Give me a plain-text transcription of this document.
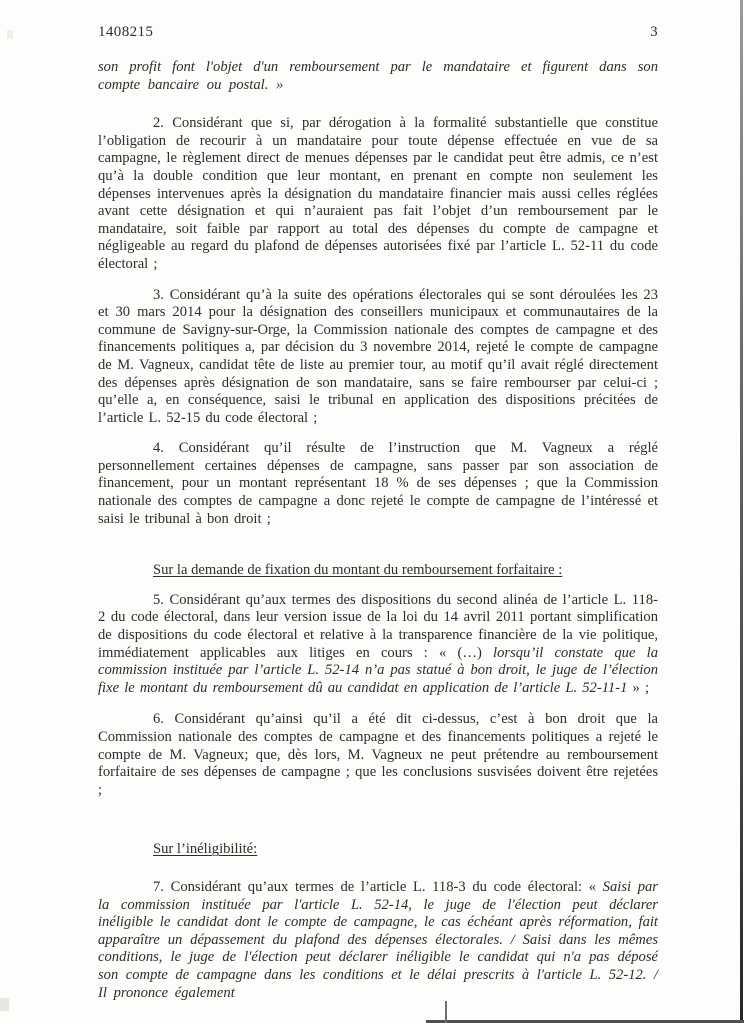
1408215	3

son profit font l'objet d'un remboursement par le mandataire et figurent dans son compte bancaire ou postal. »

2. Considérant que si, par dérogation à la formalité substantielle que constitue l’obligation de recourir à un mandataire pour toute dépense effectuée en vue de sa campagne, le règlement direct de menues dépenses par le candidat peut être admis, ce n’est qu’à la double condition que leur montant, en prenant en compte non seulement les dépenses intervenues après la désignation du mandataire financier mais aussi celles réglées avant cette désignation et qui n’auraient pas fait l’objet d’un remboursement par le mandataire, soit faible par rapport au total des dépenses du compte de campagne et négligeable au regard du plafond de dépenses autorisées fixé par l’article L. 52-11 du code électoral ;

3. Considérant qu’à la suite des opérations électorales qui se sont déroulées les 23 et 30 mars 2014 pour la désignation des conseillers municipaux et communautaires de la commune de Savigny-sur-Orge, la Commission nationale des comptes de campagne et des financements politiques a, par décision du 3 novembre 2014, rejeté le compte de campagne de M. Vagneux, candidat tête de liste au premier tour, au motif qu’il avait réglé directement des dépenses après désignation de son mandataire, sans se faire rembourser par celui-ci ; qu’elle a, en conséquence, saisi le tribunal en application des dispositions précitées de l’article L. 52-15 du code électoral ;

4. Considérant qu’il résulte de l’instruction que M. Vagneux a réglé personnellement certaines dépenses de campagne, sans passer par son association de financement, pour un montant représentant 18 % de ses dépenses ; que la Commission nationale des comptes de campagne a donc rejeté le compte de campagne de l’intéressé et saisi le tribunal à bon droit ;

Sur la demande de fixation du montant du remboursement forfaitaire :

5. Considérant qu’aux termes des dispositions du second alinéa de l’article L. 118-2 du code électoral, dans leur version issue de la loi du 14 avril 2011 portant simplification de dispositions du code électoral et relative à la transparence financière de la vie politique, immédiatement applicables aux litiges en cours : « (…) lorsqu’il constate que la commission instituée par l’article L. 52-14 n’a pas statué à bon droit, le juge de l’élection fixe le montant du remboursement dû au candidat en application de l’article L. 52-11-1 » ;

6. Considérant qu’ainsi qu’il a été dit ci-dessus, c’est à bon droit que la Commission nationale des comptes de campagne et des financements politiques a rejeté le compte de M. Vagneux; que, dès lors, M. Vagneux ne peut prétendre au remboursement forfaitaire de ses dépenses de campagne ; que les conclusions susvisées doivent être rejetées ;

Sur l’inéligibilité:

7. Considérant qu’aux termes de l’article L. 118-3 du code électoral: « Saisi par la commission instituée par l'article L. 52-14, le juge de l'élection peut déclarer inéligible le candidat dont le compte de campagne, le cas échéant après réformation, fait apparaître un dépassement du plafond des dépenses électorales. / Saisi dans les mêmes conditions, le juge de l'élection peut déclarer inéligible le candidat qui n'a pas déposé son compte de campagne dans les conditions et le délai prescrits à l'article L. 52-12. / Il prononce également
